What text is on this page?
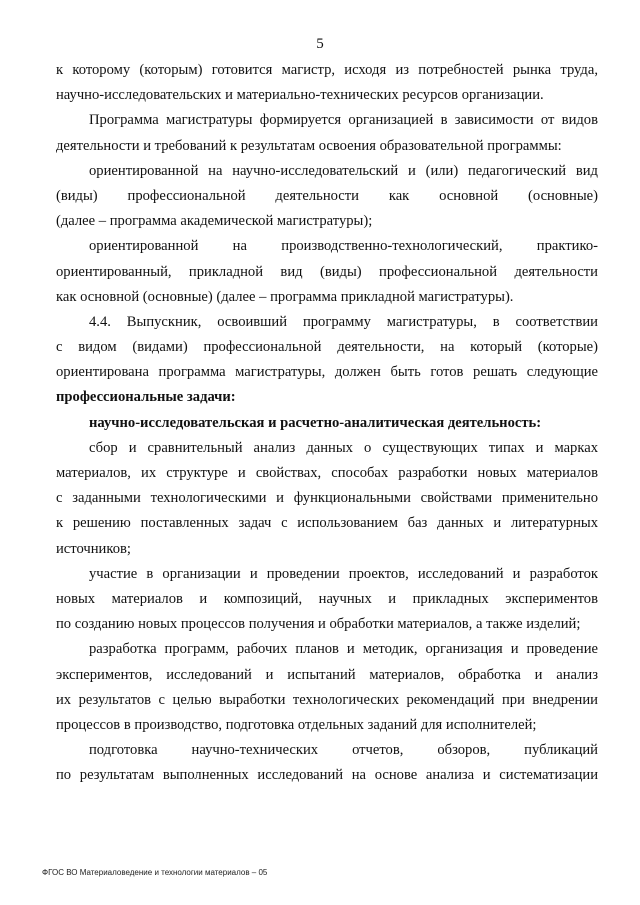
5
к которому (которым) готовится магистр, исходя из потребностей рынка труда,
научно-исследовательских и материально-технических ресурсов организации.
Программа магистратуры формируется организацией в зависимости от видов
деятельности и требований к результатам освоения образовательной программы:
ориентированной на научно-исследовательский и (или) педагогический вид
(виды) профессиональной деятельности как основной (основные)
(далее – программа академической магистратуры);
ориентированной на производственно-технологический, практико-
ориентированный, прикладной вид (виды) профессиональной деятельности
как основной (основные) (далее – программа прикладной магистратуры).
4.4. Выпускник, освоивший программу магистратуры, в соответствии
с видом (видами) профессиональной деятельности, на который (которые)
ориентирована программа магистратуры, должен быть готов решать следующие
профессиональные задачи:
научно-исследовательская и расчетно-аналитическая деятельность:
сбор и сравнительный анализ данных о существующих типах и марках
материалов, их структуре и свойствах, способах разработки новых материалов
с заданными технологическими и функциональными свойствами применительно
к решению поставленных задач с использованием баз данных и литературных
источников;
участие в организации и проведении проектов, исследований и разработок
новых материалов и композиций, научных и прикладных экспериментов
по созданию новых процессов получения и обработки материалов, а также изделий;
разработка программ, рабочих планов и методик, организация и проведение
экспериментов, исследований и испытаний материалов, обработка и анализ
их результатов с целью выработки технологических рекомендаций при внедрении
процессов в производство, подготовка отдельных заданий для исполнителей;
подготовка научно-технических отчетов, обзоров, публикаций
по результатам выполненных исследований на основе анализа и систематизации
ФГОС ВО Материаловедение и технологии материалов – 05
